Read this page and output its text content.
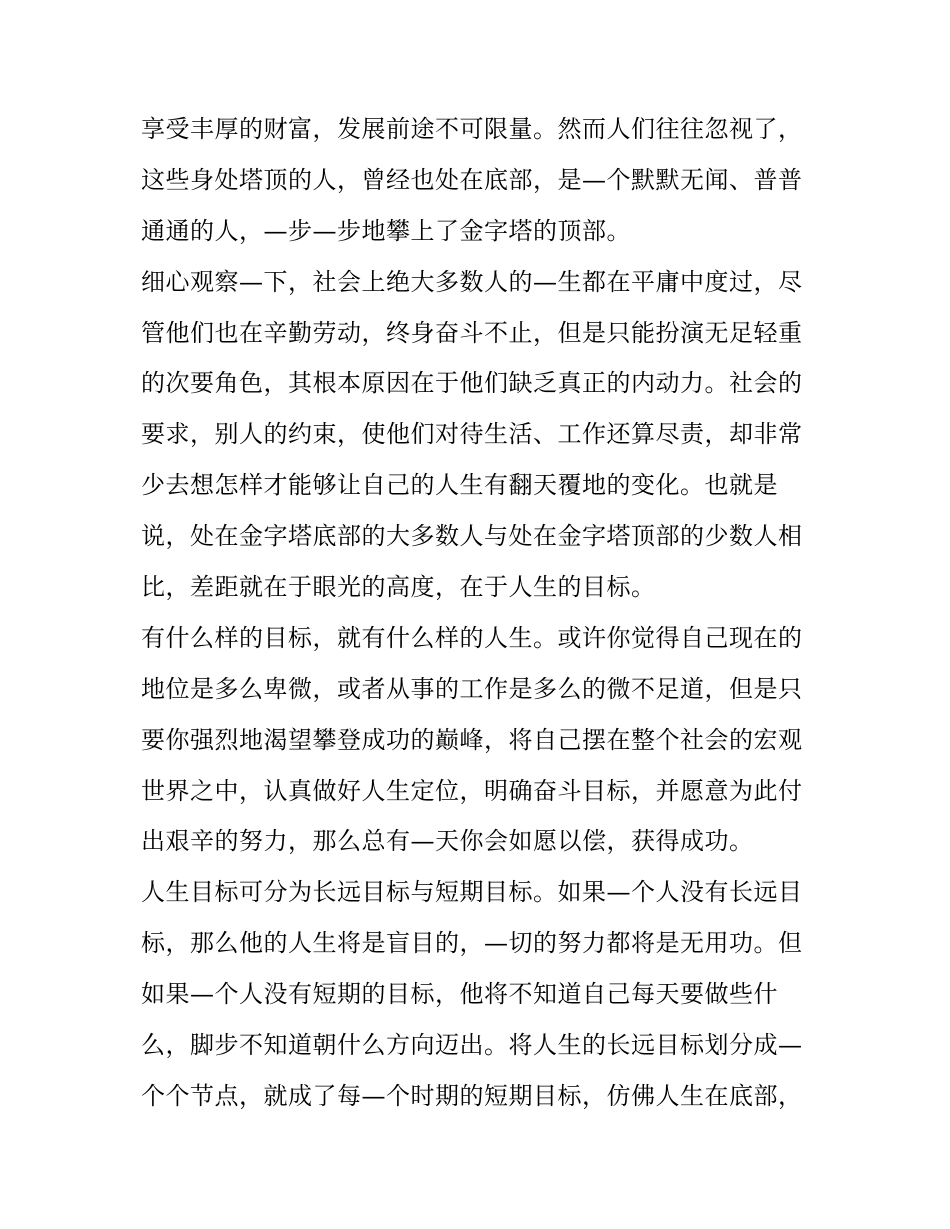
享受丰厚的财富，发展前途不可限量。然而人们往往忽视了，
这些身处塔顶的人，曾经也处在底部，是—个默默无闻、普普
通通的人，—步—步地攀上了金字塔的顶部。
细心观察—下，社会上绝大多数人的—生都在平庸中度过，尽
管他们也在辛勤劳动，终身奋斗不止，但是只能扮演无足轻重
的次要角色，其根本原因在于他们缺乏真正的内动力。社会的
要求，别人的约束，使他们对待生活、工作还算尽责，却非常
少去想怎样才能够让自己的人生有翻天覆地的变化。也就是
说，处在金字塔底部的大多数人与处在金字塔顶部的少数人相
比，差距就在于眼光的高度，在于人生的目标。
有什么样的目标，就有什么样的人生。或许你觉得自己现在的
地位是多么卑微，或者从事的工作是多么的微不足道，但是只
要你强烈地渴望攀登成功的巅峰，将自己摆在整个社会的宏观
世界之中，认真做好人生定位，明确奋斗目标，并愿意为此付
出艰辛的努力，那么总有—天你会如愿以偿，获得成功。
人生目标可分为长远目标与短期目标。如果—个人没有长远目
标，那么他的人生将是盲目的，—切的努力都将是无用功。但
如果—个人没有短期的目标，他将不知道自己每天要做些什
么，脚步不知道朝什么方向迈出。将人生的长远目标划分成—
个个节点，就成了每—个时期的短期目标，仿佛人生在底部，
